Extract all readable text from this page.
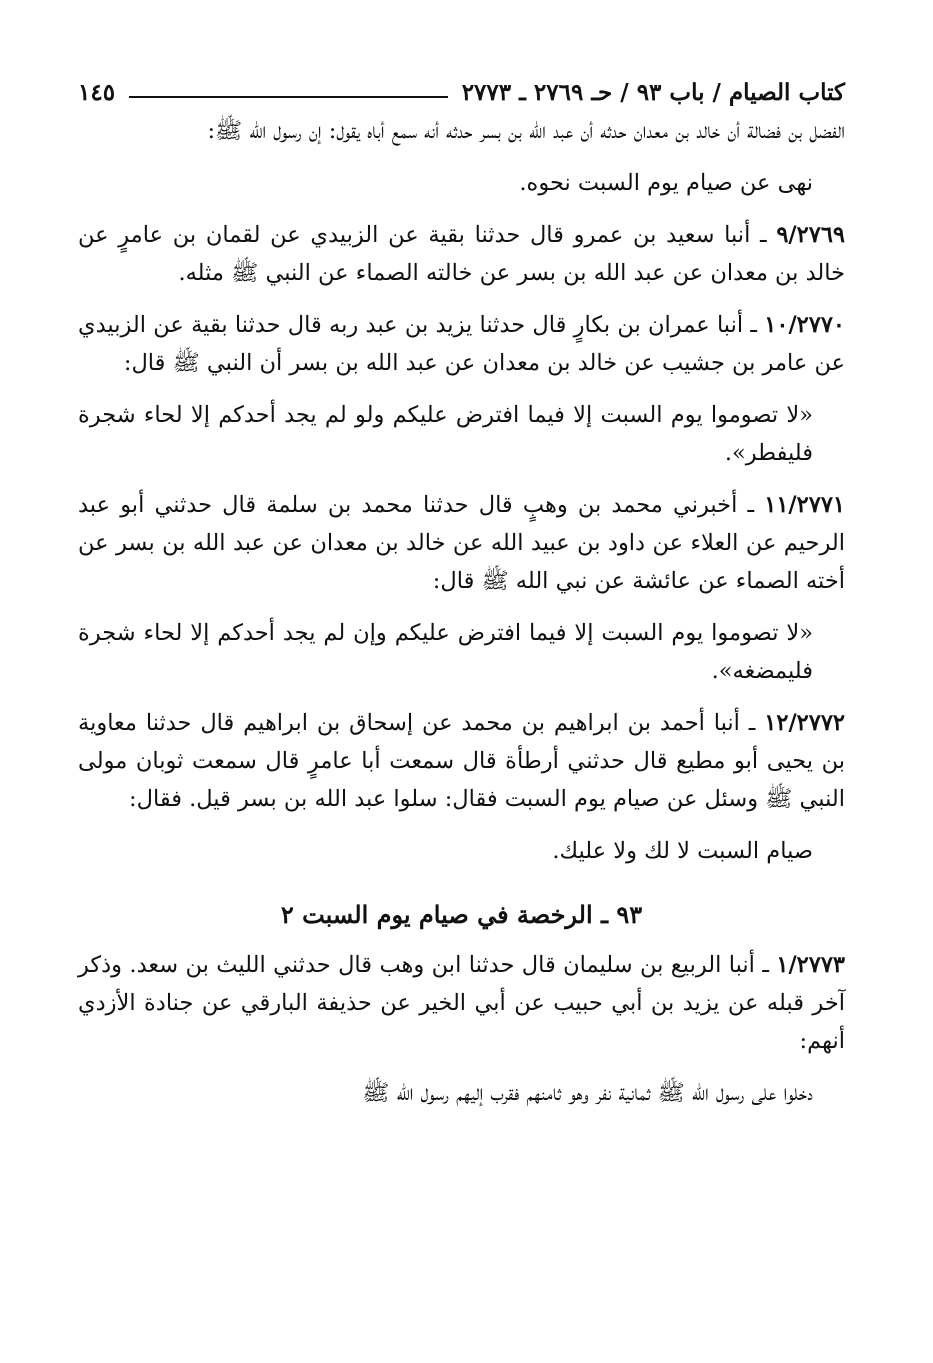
كتاب الصيام / باب ٩٣ / حـ ٢٧٦٩ ـ ٢٧٧٣
١٤٥

الفضل بن فضالة أن خالد بن معدان حدثه أن عبد الله بن بسر حدثه أنه سمع أباه يقول: إن رسول الله ﷺ:

نهى عن صيام يوم السبت نحوه.

٩/٢٧٦٩ ـ أنبا سعيد بن عمرو قال حدثنا بقية عن الزبيدي عن لقمان بن عامرٍ عن خالد بن معدان عن عبد الله بن بسر عن خالته الصماء عن النبي ﷺ مثله.

١٠/٢٧٧٠ ـ أنبا عمران بن بكارٍ قال حدثنا يزيد بن عبد ربه قال حدثنا بقية عن الزبيدي عن عامر بن جشيب عن خالد بن معدان عن عبد الله بن بسر أن النبي ﷺ قال:

«لا تصوموا يوم السبت إلا فيما افترض عليكم ولو لم يجد أحدكم إلا لحاء شجرة فليفطر».

١١/٢٧٧١ ـ أخبرني محمد بن وهبٍ قال حدثنا محمد بن سلمة قال حدثني أبو عبد الرحيم عن العلاء عن داود بن عبيد الله عن خالد بن معدان عن عبد الله بن بسر عن أخته الصماء عن عائشة عن نبي الله ﷺ قال:

«لا تصوموا يوم السبت إلا فيما افترض عليكم وإن لم يجد أحدكم إلا لحاء شجرة فليمضغه».

١٢/٢٧٧٢ ـ أنبا أحمد بن ابراهيم بن محمد عن إسحاق بن ابراهيم قال حدثنا معاوية بن يحيى أبو مطيع قال حدثني أرطأة قال سمعت أبا عامرٍ قال سمعت ثوبان مولى النبي ﷺ وسئل عن صيام يوم السبت فقال: سلوا عبد الله بن بسر قيل. فقال:

صيام السبت لا لك ولا عليك.

٩٣ ـ الرخصة في صيام يوم السبت ٢

١/٢٧٧٣ ـ أنبا الربيع بن سليمان قال حدثنا ابن وهب قال حدثني الليث بن سعد. وذكر آخر قبله عن يزيد بن أبي حبيب عن أبي الخير عن حذيفة البارقي عن جنادة الأزدي أنهم:

دخلوا على رسول الله ﷺ ثمانية نفر وهو ثامنهم فقرب إليهم رسول الله ﷺ
